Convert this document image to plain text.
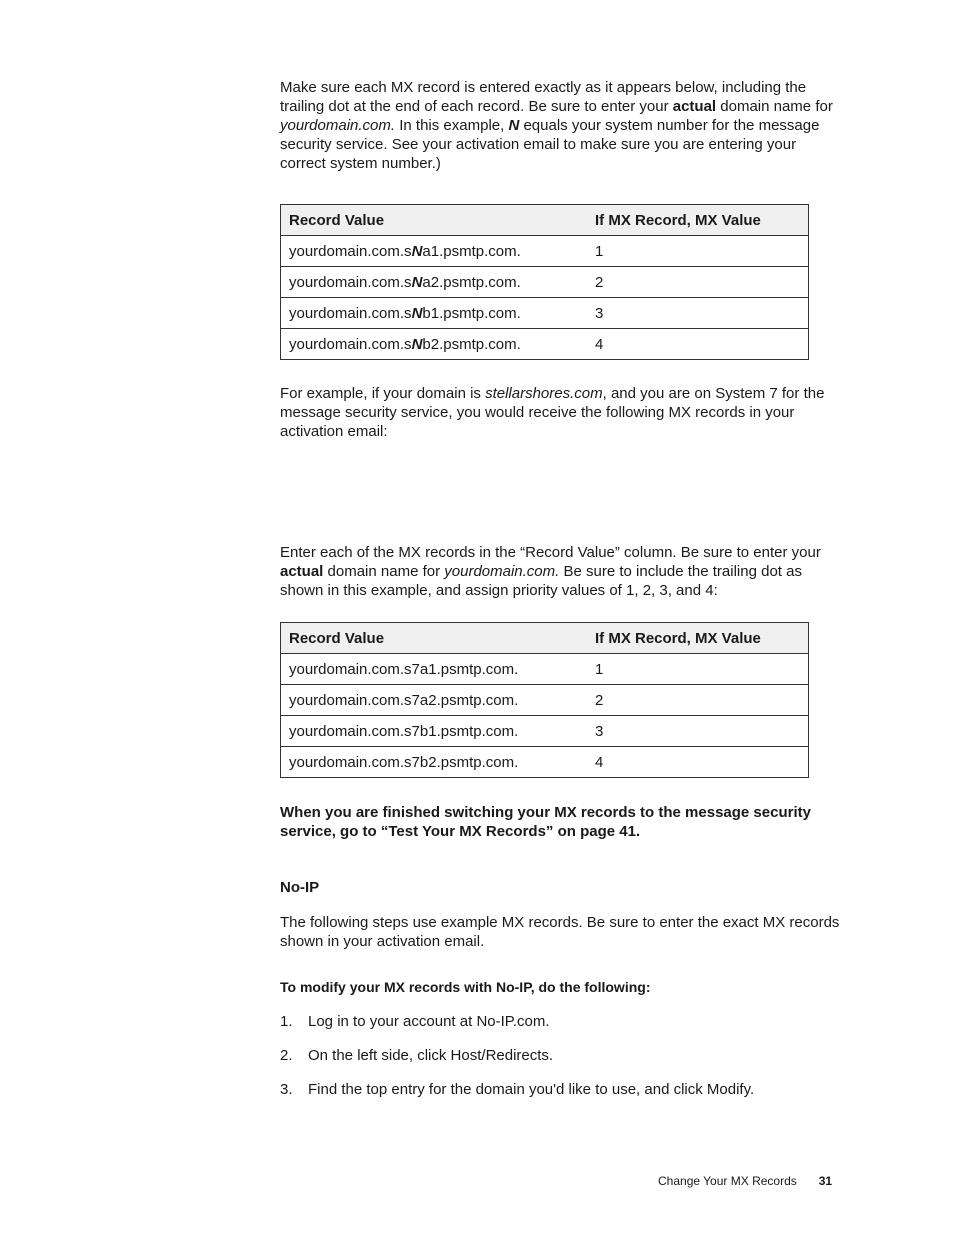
Make sure each MX record is entered exactly as it appears below, including the trailing dot at the end of each record. Be sure to enter your actual domain name for yourdomain.com. In this example, N equals your system number for the message security service. See your activation email to make sure you are entering your correct system number.)

Record Value	If MX Record, MX Value
yourdomain.com.sNa1.psmtp.com.	1
yourdomain.com.sNa2.psmtp.com.	2
yourdomain.com.sNb1.psmtp.com.	3
yourdomain.com.sNb2.psmtp.com.	4

For example, if your domain is stellarshores.com, and you are on System 7 for the message security service, you would receive the following MX records in your activation email:

Enter each of the MX records in the “Record Value” column. Be sure to enter your actual domain name for yourdomain.com. Be sure to include the trailing dot as shown in this example, and assign priority values of 1, 2, 3, and 4:

Record Value	If MX Record, MX Value
yourdomain.com.s7a1.psmtp.com.	1
yourdomain.com.s7a2.psmtp.com.	2
yourdomain.com.s7b1.psmtp.com.	3
yourdomain.com.s7b2.psmtp.com.	4

When you are finished switching your MX records to the message security service, go to “Test Your MX Records” on page 41.

No-IP

The following steps use example MX records. Be sure to enter the exact MX records shown in your activation email.

To modify your MX records with No-IP, do the following:

1.	Log in to your account at No-IP.com.
2.	On the left side, click Host/Redirects.
3.	Find the top entry for the domain you'd like to use, and click Modify.
Change Your MX Records 31
